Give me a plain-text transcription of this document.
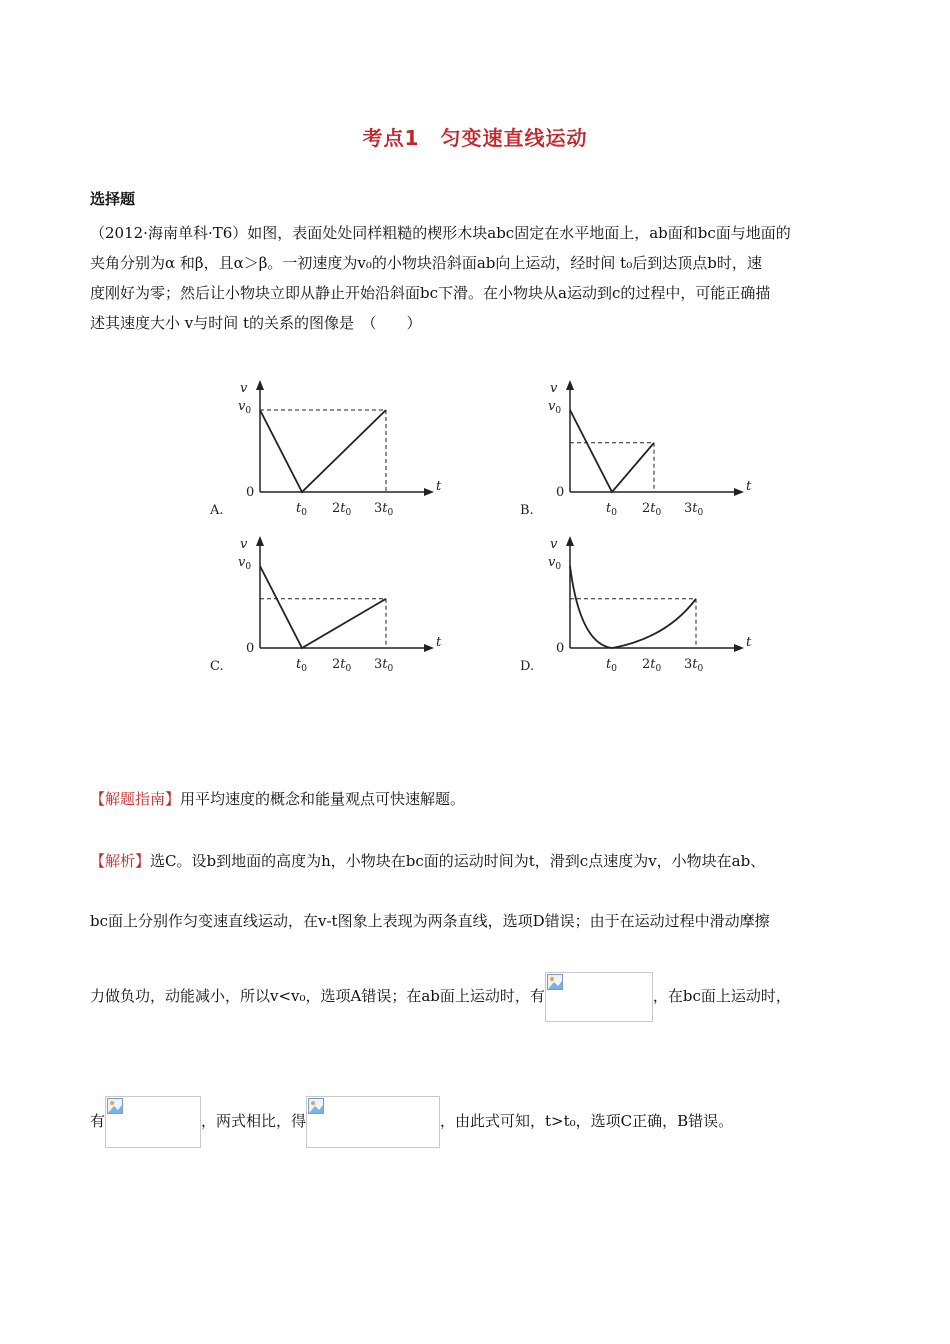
考点1　匀变速直线运动
选择题

（2012·海南单科·T6）如图，表面处处同样粗糙的楔形木块abc固定在水平地面上，ab面和bc面与地面的

夹角分别为α 和β，且α＞β。一初速度为v₀的小物块沿斜面ab向上运动，经时间 t₀后到达顶点b时，速

度刚好为零；然后让小物块立即从静止开始沿斜面bc下滑。在小物块从a运动到c的过程中，可能正确描

述其速度大小 v与时间 t的关系的图像是　（　　）

v
t
$v_0$
0
$t_0$ $2t_0$ $3t_0$
A.
v
t
$v_0$
0
$t_0$ $2t_0$ $3t_0$
B.
v
t
$v_0$
0
$t_0$ $2t_0$ $3t_0$
C.
v
t
$v_0$
0
$t_0$ $2t_0$ $3t_0$
D.
【解题指南】用平均速度的概念和能量观点可快速解题。
【解析】选C。设b到地面的高度为h，小物块在bc面的运动时间为t，滑到c点速度为v，小物块在ab、
bc面上分别作匀变速直线运动，在v-t图象上表现为两条直线，选项D错误；由于在运动过程中滑动摩擦
力做负功，动能减小，所以v<v₀，选项A错误；在ab面上运动时，有	，在bc面上运动时，
有	，两式相比，得	，由此式可知，t>t₀，选项C正确，B错误。
